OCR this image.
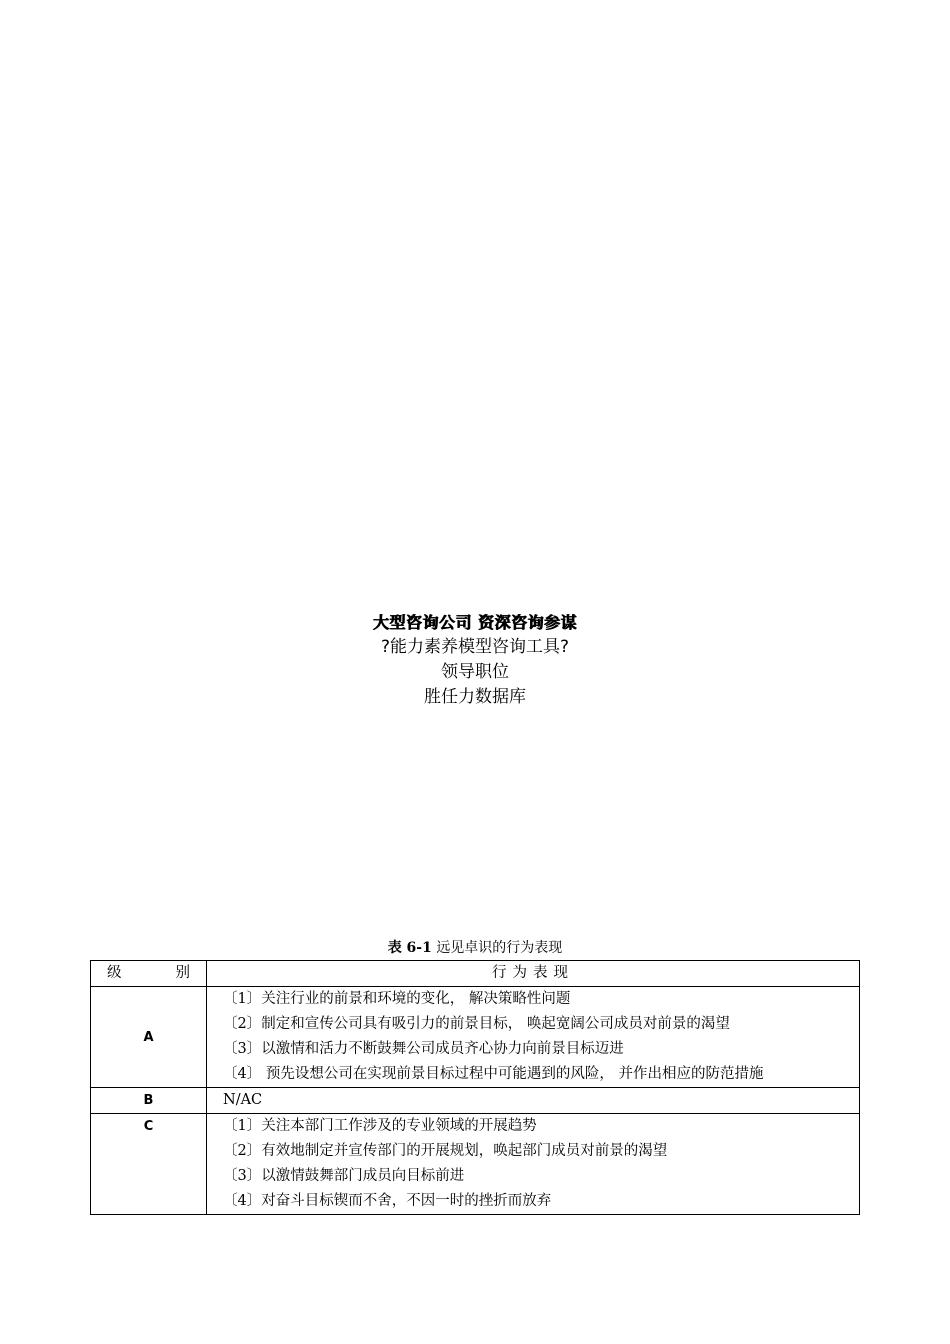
大型咨询公司 资深咨询参谋
?能力素养模型咨询工具?
领导职位
胜任力数据库
表 6-1 远见卓识的行为表现
级 别	行为表现
A	〔1〕关注行业的前景和环境的变化， 解决策略性问题
〔2〕制定和宣传公司具有吸引力的前景目标， 唤起宽阔公司成员对前景的渴望
〔3〕以激情和活力不断鼓舞公司成员齐心协力向前景目标迈进
〔4〕 预先设想公司在实现前景目标过程中可能遇到的风险， 并作出相应的防范措施

B	N/AC

C	〔1〕关注本部门工作涉及的专业领域的开展趋势
〔2〕有效地制定并宣传部门的开展规划，唤起部门成员对前景的渴望
〔3〕以激情鼓舞部门成员向目标前进
〔4〕对奋斗目标锲而不舍，不因一时的挫折而放弃
